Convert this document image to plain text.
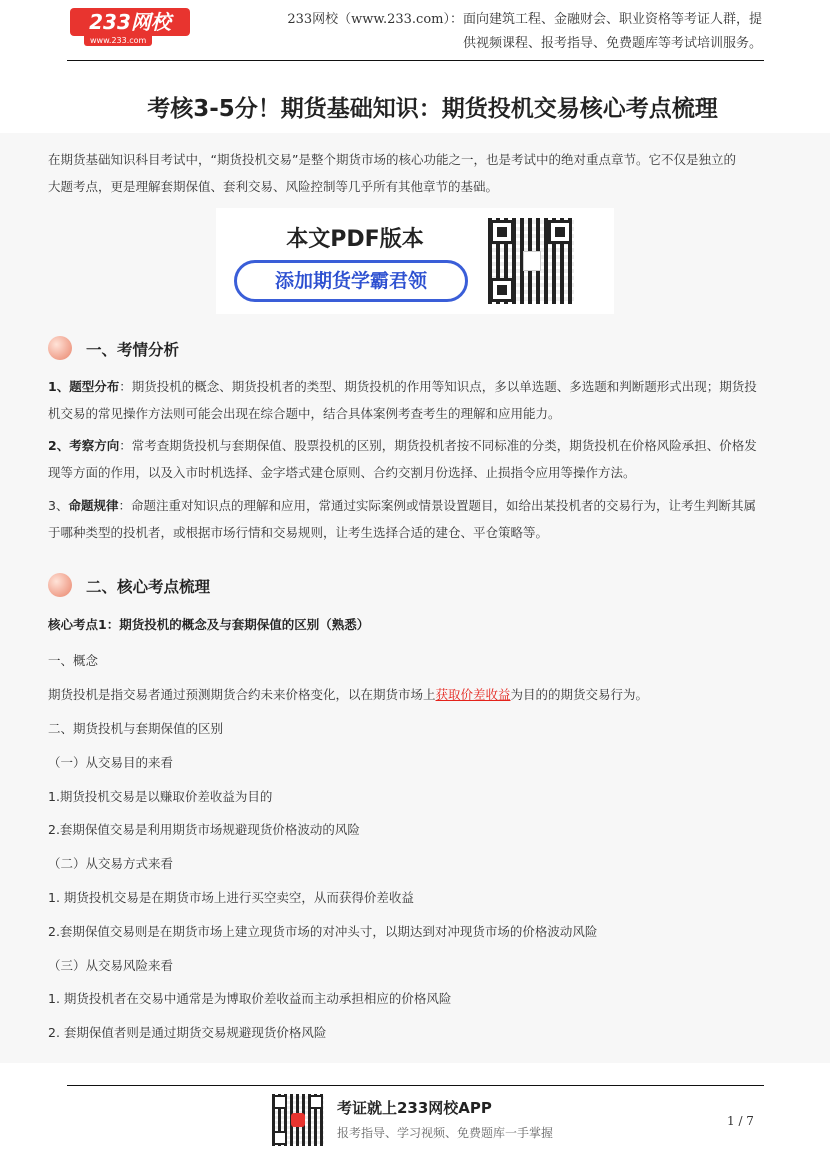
233网校
www.233.com
233网校（www.233.com）：面向建筑工程、金融财会、职业资格等考证人群，提
供视频课程、报考指导、免费题库等考试培训服务。
考核3-5分！期货基础知识：期货投机交易核心考点梳理
在期货基础知识科目考试中，“期货投机交易”是整个期货市场的核心功能之一，也是考试中的绝对重点章节。它不仅是独立的
大题考点，更是理解套期保值、套利交易、风险控制等几乎所有其他章节的基础。
本文PDF版本
添加期货学霸君领
一、考情分析
1、题型分布：期货投机的概念、期货投机者的类型、期货投机的作用等知识点，多以单选题、多选题和判断题形式出现；期货投
机交易的常见操作方法则可能会出现在综合题中，结合具体案例考查考生的理解和应用能力。
2、考察方向：常考查期货投机与套期保值、股票投机的区别，期货投机者按不同标准的分类，期货投机在价格风险承担、价格发
现等方面的作用，以及入市时机选择、金字塔式建仓原则、合约交割月份选择、止损指令应用等操作方法。
3、命题规律：命题注重对知识点的理解和应用，常通过实际案例或情景设置题目，如给出某投机者的交易行为，让考生判断其属
于哪种类型的投机者，或根据市场行情和交易规则，让考生选择合适的建仓、平仓策略等。
二、核心考点梳理
核心考点1：期货投机的概念及与套期保值的区别（熟悉）
一、概念
期货投机是指交易者通过预测期货合约未来价格变化，以在期货市场上获取价差收益为目的的期货交易行为。
二、期货投机与套期保值的区别
（一）从交易目的来看
1.期货投机交易是以赚取价差收益为目的
2.套期保值交易是利用期货市场规避现货价格波动的风险
（二）从交易方式来看
1. 期货投机交易是在期货市场上进行买空卖空，从而获得价差收益
2.套期保值交易则是在期货市场上建立现货市场的对冲头寸，以期达到对冲现货市场的价格波动风险
（三）从交易风险来看
1. 期货投机者在交易中通常是为博取价差收益而主动承担相应的价格风险
2. 套期保值者则是通过期货交易规避现货价格风险
考证就上233网校APP
报考指导、学习视频、免费题库一手掌握
1 / 7
